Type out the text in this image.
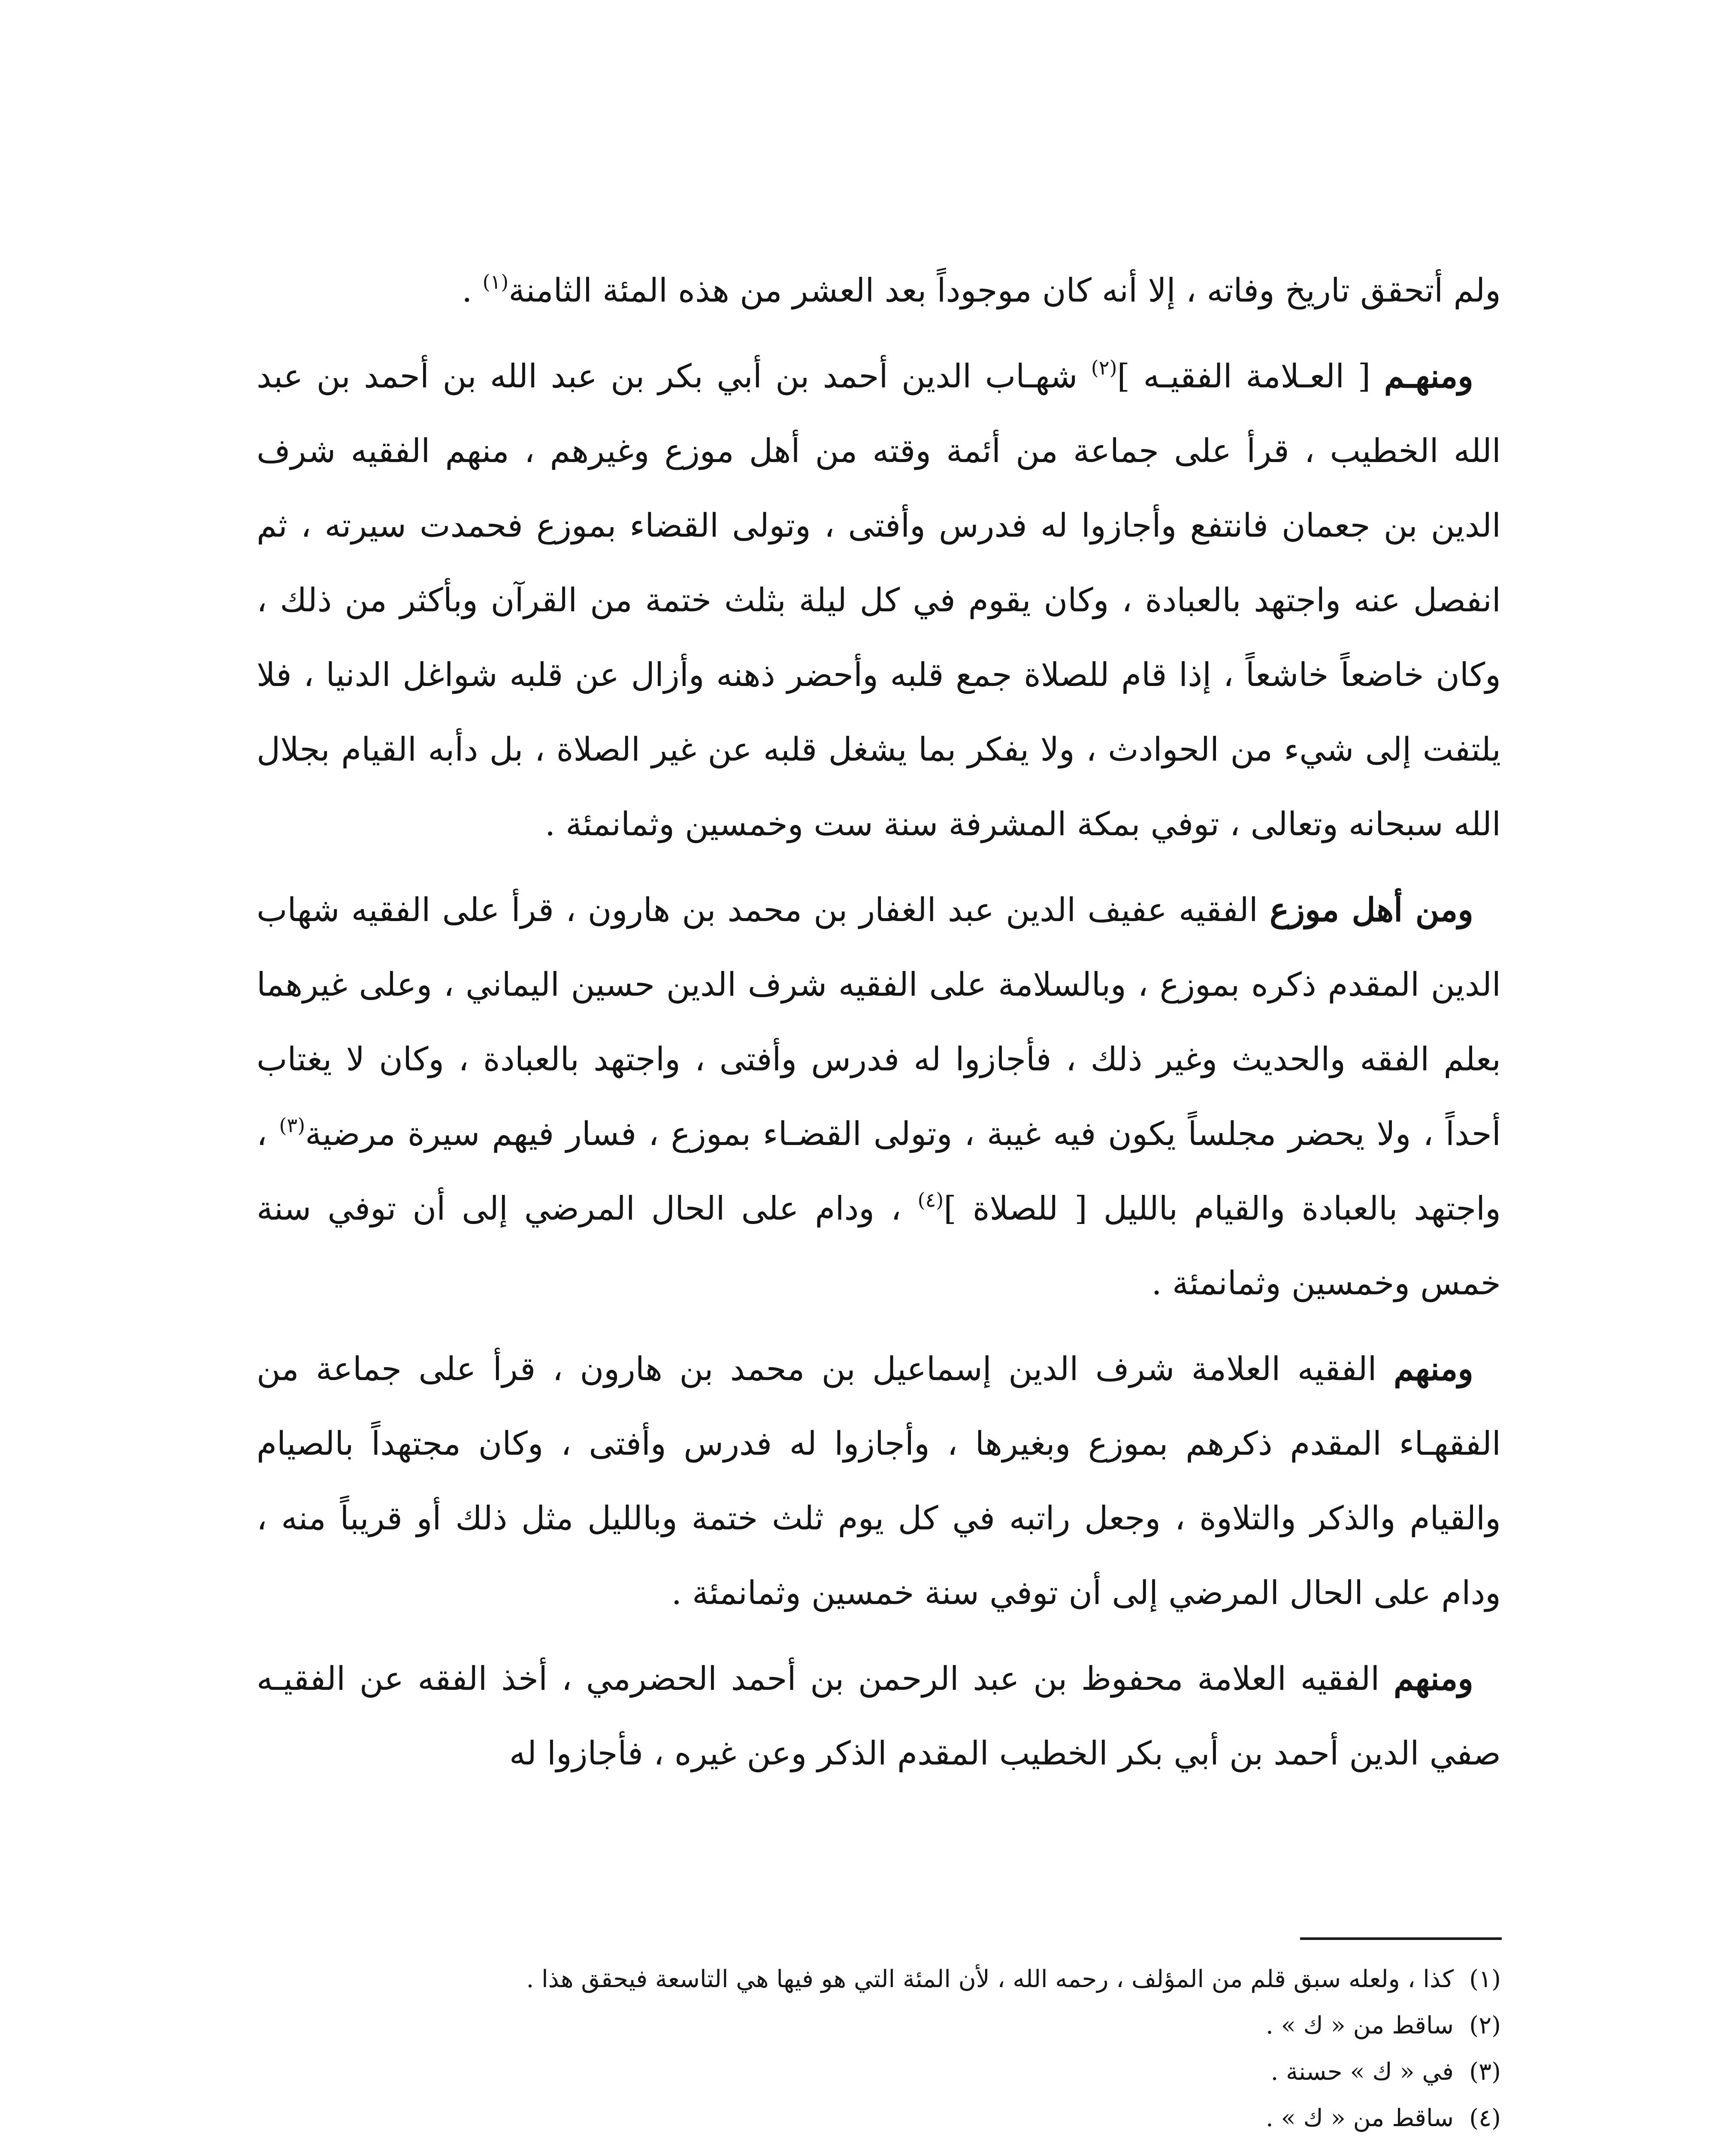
ولم أتحقق تاريخ وفاته ، إلا أنه كان موجوداً بعد العشر من هذه المئة الثامنة$^{(١)}$ .

ومنهـم [ العـلامة الفقيـه ]$^{(٢)}$ شهـاب الدين أحمد بن أبي بكر بن عبد الله بن أحمد بن عبد الله الخطيب ، قرأ على جماعة من أئمة وقته من أهل موزع وغيرهم ، منهم الفقيه شرف الدين بن جعمان فانتفع وأجازوا له فدرس وأفتى ، وتولى القضاء بموزع فحمدت سيرته ، ثم انفصل عنه واجتهد بالعبادة ، وكان يقوم في كل ليلة بثلث ختمة من القرآن وبأكثر من ذلك ، وكان خاضعاً خاشعاً ، إذا قام للصلاة جمع قلبه وأحضر ذهنه وأزال عن قلبه شواغل الدنيا ، فلا يلتفت إلى شيء من الحوادث ، ولا يفكر بما يشغل قلبه عن غير الصلاة ، بل دأبه القيام بجلال الله سبحانه وتعالى ، توفي بمكة المشرفة سنة ست وخمسين وثمانمئة .

ومن أهل موزع الفقيه عفيف الدين عبد الغفار بن محمد بن هارون ، قرأ على الفقيه شهاب الدين المقدم ذكره بموزع ، وبالسلامة على الفقيه شرف الدين حسين اليماني ، وعلى غيرهما بعلم الفقه والحديث وغير ذلك ، فأجازوا له فدرس وأفتى ، واجتهد بالعبادة ، وكان لا يغتاب أحداً ، ولا يحضر مجلساً يكون فيه غيبة ، وتولى القضـاء بموزع ، فسار فيهم سيرة مرضية$^{(٣)}$ ، واجتهد بالعبادة والقيام بالليل [ للصلاة ]$^{(٤)}$ ، ودام على الحال المرضي إلى أن توفي سنة خمس وخمسين وثمانمئة .

ومنهم الفقيه العلامة شرف الدين إسماعيل بن محمد بن هارون ، قرأ على جماعة من الفقهـاء المقدم ذكرهم بموزع وبغيرها ، وأجازوا له فدرس وأفتى ، وكان مجتهداً بالصيام والقيام والذكر والتلاوة ، وجعل راتبه في كل يوم ثلث ختمة وبالليل مثل ذلك أو قريباً منه ، ودام على الحال المرضي إلى أن توفي سنة خمسين وثمانمئة .

ومنهم الفقيه العلامة محفوظ بن عبد الرحمن بن أحمد الحضرمي ، أخذ الفقه عن الفقيـه صفي الدين أحمد بن أبي بكر الخطيب المقدم الذكر وعن غيره ، فأجازوا له

(١)
كذا ، ولعله سبق قلم من المؤلف ، رحمه الله ، لأن المئة التي هو فيها هي التاسعة فيحقق هذا .
(٢)
ساقط من « ك » .
(٣)
في « ك » حسنة .
(٤)
ساقط من « ك » .
